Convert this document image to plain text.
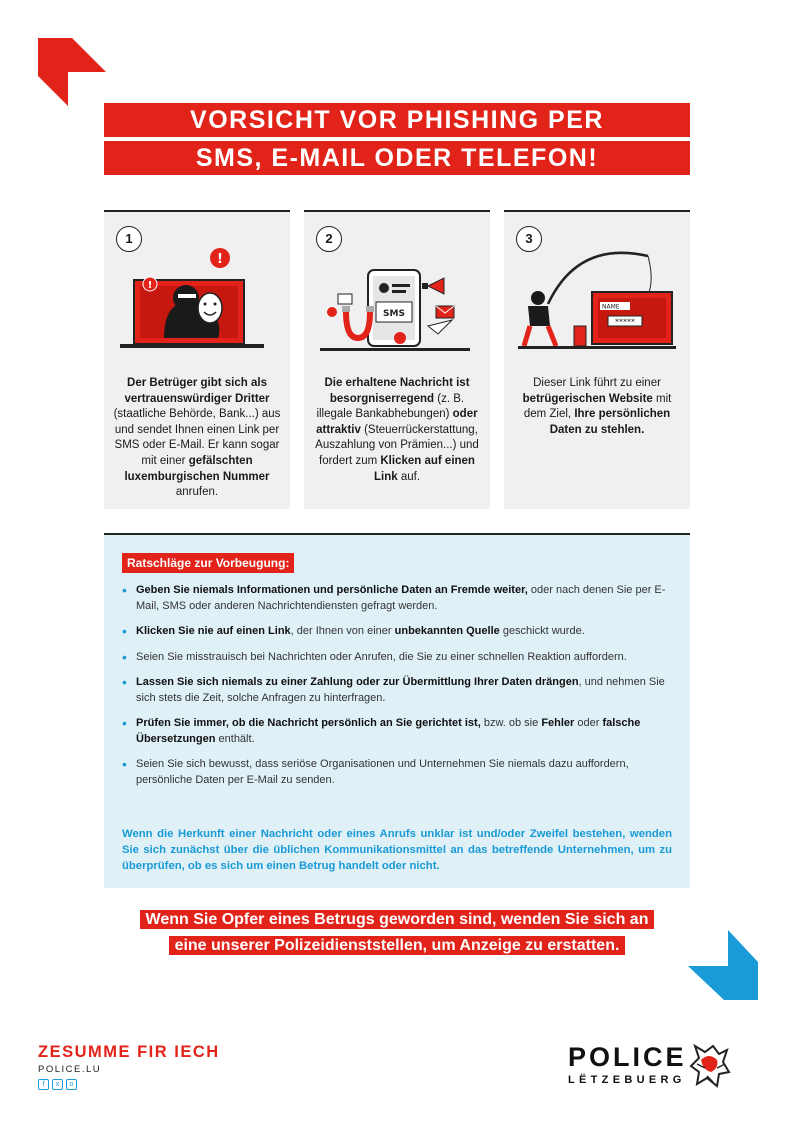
VORSICHT VOR PHISHING PER
SMS, E-MAIL ODER TELEFON!
1
!
!
Der Betrüger gibt sich als vertrauenswürdiger Dritter (staatliche Behörde, Bank...) aus und sendet Ihnen einen Link per SMS oder E-Mail. Er kann sogar mit einer gefälschten luxemburgischen Nummer anrufen.
2
SMS
Die erhaltene Nachricht ist besorgniserregend (z. B. illegale Bankabhebungen) oder attraktiv (Steuerrückerstattung, Auszahlung von Prämien...) und fordert zum Klicken auf einen Link auf.
3
NAME
*****
Dieser Link führt zu einer betrügerischen Website mit dem Ziel, Ihre persönlichen Daten zu stehlen.
Ratschläge zur Vorbeugung:
• Geben Sie niemals Informationen und persönliche Daten an Fremde weiter, oder nach denen Sie per E-Mail, SMS oder anderen Nachrichtendiensten gefragt werden.
• Klicken Sie nie auf einen Link, der Ihnen von einer unbekannten Quelle geschickt wurde.
• Seien Sie misstrauisch bei Nachrichten oder Anrufen, die Sie zu einer schnellen Reaktion auffordern.
• Lassen Sie sich niemals zu einer Zahlung oder zur Übermittlung Ihrer Daten drängen, und nehmen Sie sich stets die Zeit, solche Anfragen zu hinterfragen.
• Prüfen Sie immer, ob die Nachricht persönlich an Sie gerichtet ist, bzw. ob sie Fehler oder falsche Übersetzungen enthält.
• Seien Sie sich bewusst, dass seriöse Organisationen und Unternehmen Sie niemals dazu auffordern, persönliche Daten per E-Mail zu senden.
Wenn die Herkunft einer Nachricht oder eines Anrufs unklar ist und/oder Zweifel bestehen, wenden Sie sich zunächst über die üblichen Kommunikationsmittel an das betreffende Unternehmen, um zu überprüfen, ob es sich um einen Betrug handelt oder nicht.
Wenn Sie Opfer eines Betrugs geworden sind, wenden Sie sich an
eine unserer Polizeidienststellen, um Anzeige zu erstatten.
ZESUMME FIR IECH
POLICE.LU
f	x	o
POLICE
LËTZEBUERG
